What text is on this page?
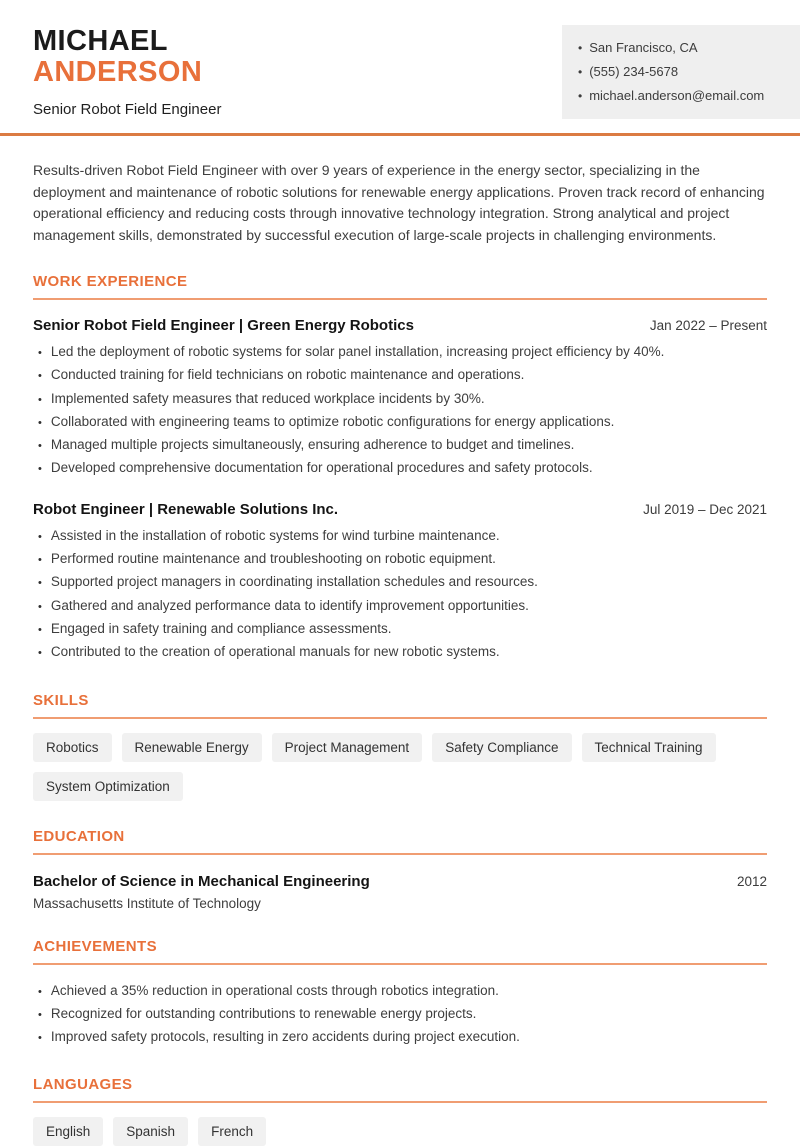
MICHAEL
ANDERSON
Senior Robot Field Engineer
• San Francisco, CA
• (555) 234-5678
• michael.anderson@email.com

Results-driven Robot Field Engineer with over 9 years of experience in the energy sector, specializing in the deployment and maintenance of robotic solutions for renewable energy applications. Proven track record of enhancing operational efficiency and reducing costs through innovative technology integration. Strong analytical and project management skills, demonstrated by successful execution of large-scale projects in challenging environments.

WORK EXPERIENCE
Senior Robot Field Engineer | Green Energy Robotics	Jan 2022 – Present
• Led the deployment of robotic systems for solar panel installation, increasing project efficiency by 40%.
• Conducted training for field technicians on robotic maintenance and operations.
• Implemented safety measures that reduced workplace incidents by 30%.
• Collaborated with engineering teams to optimize robotic configurations for energy applications.
• Managed multiple projects simultaneously, ensuring adherence to budget and timelines.
• Developed comprehensive documentation for operational procedures and safety protocols.
Robot Engineer | Renewable Solutions Inc.	Jul 2019 – Dec 2021
• Assisted in the installation of robotic systems for wind turbine maintenance.
• Performed routine maintenance and troubleshooting on robotic equipment.
• Supported project managers in coordinating installation schedules and resources.
• Gathered and analyzed performance data to identify improvement opportunities.
• Engaged in safety training and compliance assessments.
• Contributed to the creation of operational manuals for new robotic systems.
SKILLS
Robotics	Renewable Energy	Project Management	Safety Compliance	Technical Training
System Optimization
EDUCATION
Bachelor of Science in Mechanical Engineering	2012
Massachusetts Institute of Technology
ACHIEVEMENTS
• Achieved a 35% reduction in operational costs through robotics integration.
• Recognized for outstanding contributions to renewable energy projects.
• Improved safety protocols, resulting in zero accidents during project execution.
LANGUAGES
English	Spanish	French
